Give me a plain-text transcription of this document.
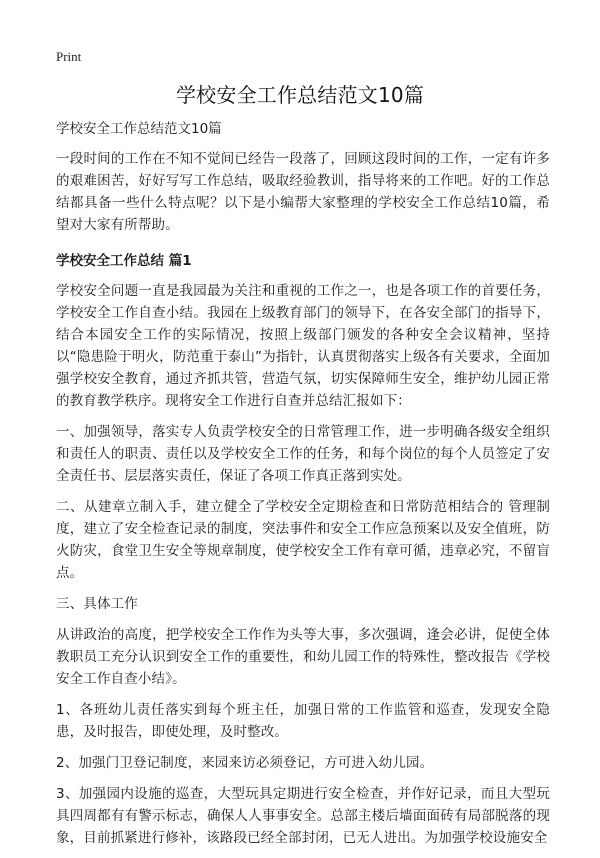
Print
学校安全工作总结范文10篇
学校安全工作总结范文10篇

一段时间的工作在不知不觉间已经告一段落了，回顾这段时间的工作，一定有许多的艰难困苦，好好写写工作总结，吸取经验教训，指导将来的工作吧。好的工作总结都具备一些什么特点呢？以下是小编帮大家整理的学校安全工作总结10篇，希望对大家有所帮助。

学校安全工作总结 篇1

学校安全问题一直是我园最为关注和重视的工作之一，也是各项工作的首要任务，学校安全工作自查小结。我园在上级教育部门的领导下，在各安全部门的指导下，结合本园安全工作的实际情况，按照上级部门颁发的各种安全会议精神，坚持以“隐患险于明火，防范重于泰山”为指针，认真贯彻落实上级各有关要求，全面加强学校安全教育，通过齐抓共管，营造气氛，切实保障师生安全，维护幼儿园正常的教育教学秩序。现将安全工作进行自查并总结汇报如下：

一、加强领导，落实专人负责学校安全的日常管理工作，进一步明确各级安全组织和责任人的职责、责任以及学校安全工作的任务，和每个岗位的每个人员签定了安全责任书、层层落实责任，保证了各项工作真正落到实处。

二、从建章立制入手，建立健全了学校安全定期检查和日常防范相结合的 管理制度，建立了安全检查记录的制度，突法事件和安全工作应急预案以及安全值班，防火防灾，食堂卫生安全等规章制度，使学校安全工作有章可循，违章必究，不留盲点。

三、具体工作

从讲政治的高度，把学校安全工作作为头等大事，多次强调，逢会必讲，促使全体教职员工充分认识到安全工作的重要性，和幼儿园工作的特殊性，整改报告《学校安全工作自查小结》。

1、各班幼儿责任落实到每个班主任，加强日常的工作监管和巡查，发现安全隐患，及时报告，即使处理，及时整改。

2、加强门卫登记制度，来园来访必须登记，方可进入幼儿园。

3、加强园内设施的巡查，大型玩具定期进行安全检查，并作好记录，而且大型玩具四周都有有警示标志，确保人人事事安全。总部主楼后墙面面砖有局部脱落的现象，目前抓紧进行修补，该路段已经全部封闭，已无人进出。为加强学校设施安全
